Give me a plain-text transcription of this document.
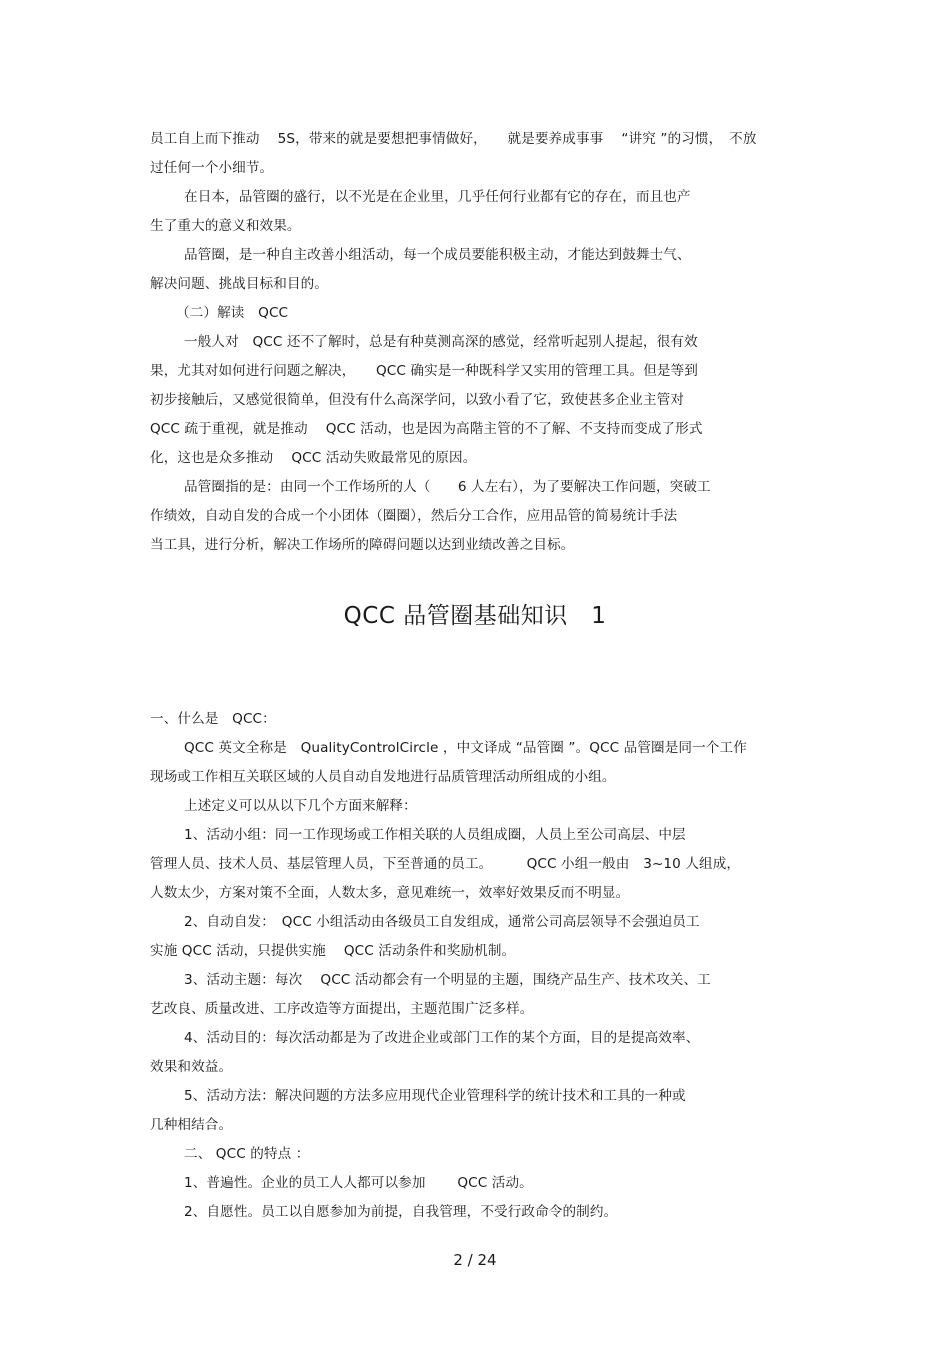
员工自上而下推动　 5S，带来的就是要想把事情做好，　　就是要养成事事　 “讲究 ”的习惯，　不放
过任何一个小细节。
在日本，品管圈的盛行，以不光是在企业里，几乎任何行业都有它的存在，而且也产
生了重大的意义和效果。
品管圈，是一种自主改善小组活动，每一个成员要能积极主动，才能达到鼓舞士气、
解决问题、挑战目标和目的。
（二）解读　QCC
一般人对　QCC 还不了解时，总是有种莫测高深的感觉，经常听起别人提起，很有效
果，尤其对如何进行问题之解决，　　QCC 确实是一种既科学又实用的管理工具。但是等到
初步接触后，又感觉很简单，但没有什么高深学问，以致小看了它，致使甚多企业主管对
QCC 疏于重视，就是推动　 QCC 活动，也是因为高階主管的不了解、不支持而变成了形式
化，这也是众多推动　 QCC 活动失败最常见的原因。
品管圈指的是：由同一个工作场所的人（　　6 人左右），为了要解决工作问题，突破工
作绩效，自动自发的合成一个小团体（圈圈），然后分工合作，应用品管的简易统计手法
当工具，进行分析，解决工作场所的障碍问题以达到业绩改善之目标。
QCC 品管圈基础知识　1
一、什么是　QCC：
QCC 英文全称是　QualityControlCircle ，中文译成 “品管圈 ”。QCC 品管圈是同一个工作
现场或工作相互关联区域的人员自动自发地进行品质管理活动所组成的小组。
上述定义可以从以下几个方面来解释：
1、活动小组：同一工作现场或工作相关联的人员组成圈，人员上至公司高层、中层
管理人员、技术人员、基层管理人员，下至普通的员工。　　　QCC 小组一般由　3~10 人组成，
人数太少，方案对策不全面，人数太多，意见难统一，效率好效果反而不明显。
2、自动自发：　QCC 小组活动由各级员工自发组成，通常公司高层领导不会强迫员工
实施 QCC 活动，只提供实施　 QCC 活动条件和奖励机制。
3、活动主题：每次　 QCC 活动都会有一个明显的主题，围绕产品生产、技术攻关、工
艺改良、质量改进、工序改造等方面提出，主题范围广泛多样。
4、活动目的：每次活动都是为了改进企业或部门工作的某个方面，目的是提高效率、
效果和效益。
5、活动方法：解决问题的方法多应用现代企业管理科学的统计技术和工具的一种或
几种相结合。
二、 QCC 的特点 ：
1、普遍性。企业的员工人人都可以参加　　 QCC 活动。
2、自愿性。员工以自愿参加为前提，自我管理，不受行政命令的制约。
2 / 24
